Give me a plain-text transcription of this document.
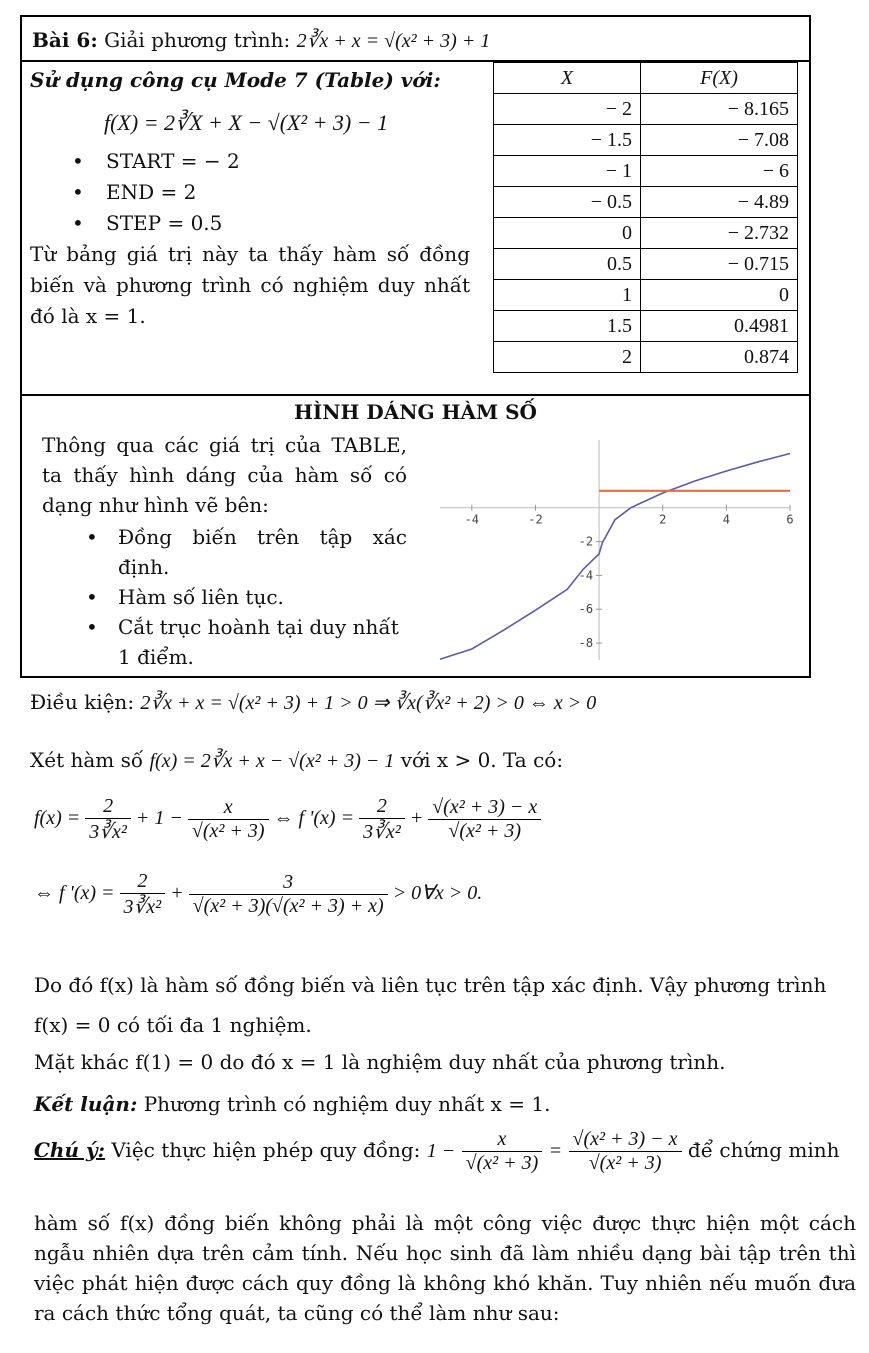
Bài 6: Giải phương trình: 2∛x + x = √(x² + 3) + 1
Sử dụng công cụ Mode 7 (Table) với:
f(X) = 2∛X + X − √(X² + 3) − 1
• START = − 2
• END = 2
• STEP = 0.5

Từ bảng giá trị này ta thấy hàm số đồng biến và phương trình có nghiệm duy nhất đó là x = 1.

X	F(X)
− 2	− 8.165
− 1.5	− 7.08
− 1	− 6
− 0.5	− 4.89
0	− 2.732
0.5	− 0.715
1	0
1.5	0.4981
2	0.874
HÌNH DÁNG HÀM SỐ

Thông qua các giá trị của TABLE, ta thấy hình dáng của hàm số có dạng như hình vẽ bên:

• Đồng biến trên tập xác định.
• Hàm số liên tục.
• Cắt trục hoành tại duy nhất 1 điểm.
-4	-2	2	4	6
-2
-4
-6
-8
Điều kiện: 2∛x + x = √(x² + 3) + 1 > 0 ⇒ ∛x(∛x² + 2) > 0 ⇔ x > 0
Xét hàm số f(x) = 2∛x + x − √(x² + 3) − 1 với x > 0. Ta có:
$f(x) = \frac{2}{\text{3∛x²}} + 1 - \frac{x}{\text{√(x² + 3)}}$ ⇔ f '$(x) = \frac{2}{\text{3∛x²}} + \frac{\text{√(x² + 3) − x}}{\text{√(x² + 3)}}$
⇔ f '$(x) = \frac{2}{\text{3∛x²}} + \frac{3}{\text{√(x² + 3)(√(x² + 3) + x)}}$ > 0∀x > 0.

Do đó f(x) là hàm số đồng biến và liên tục trên tập xác định. Vậy phương trình f(x) = 0 có tối đa 1 nghiệm.

Mặt khác f(1) = 0 do đó x = 1 là nghiệm duy nhất của phương trình.

Kết luận: Phương trình có nghiệm duy nhất x = 1.
Chú ý: Việc thực hiện phép quy đồng: $1 - \frac{x}{\text{√(x² + 3)}} = \frac{\text{√(x² + 3) − x}}{\text{√(x² + 3)}}$ để chứng minh

hàm số f(x) đồng biến không phải là một công việc được thực hiện một cách ngẫu nhiên dựa trên cảm tính. Nếu học sinh đã làm nhiều dạng bài tập trên thì việc phát hiện được cách quy đồng là không khó khăn. Tuy nhiên nếu muốn đưa ra cách thức tổng quát, ta cũng có thể làm như sau:
